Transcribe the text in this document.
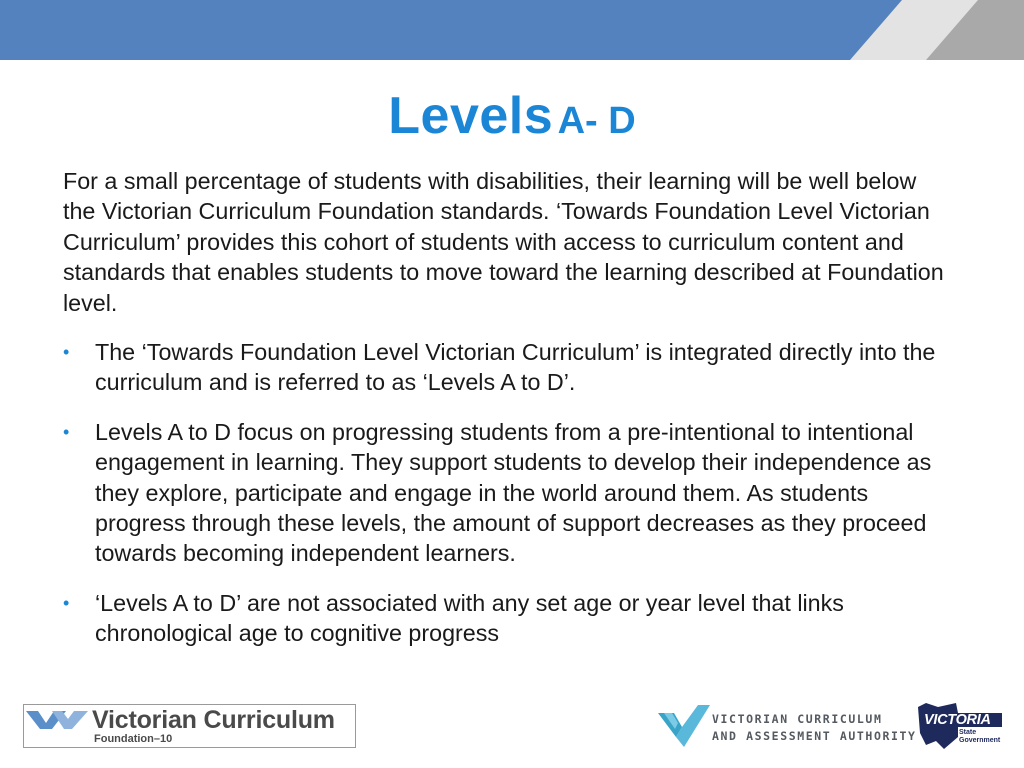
Levels A- D

For a small percentage of students with disabilities, their learning will be well below the Victorian Curriculum Foundation standards. ‘Towards Foundation Level Victorian Curriculum’ provides this cohort of students with access to curriculum content and standards that enables students to move toward the learning described at Foundation level.

• The ‘Towards Foundation Level Victorian Curriculum’ is integrated directly into the curriculum and is referred to as ‘Levels A to D’.
• Levels A to D focus on progressing students from a pre-intentional to intentional engagement in learning. They support students to develop their independence as they explore, participate and engage in the world around them. As students progress through these levels, the amount of support decreases as they proceed towards becoming independent learners.
• ‘Levels A to D’ are not associated with any set age or year level that links chronological age to cognitive progress
Victorian Curriculum
Foundation–10
VICTORIAN CURRICULUM
AND ASSESSMENT AUTHORITY
VICTORIA
State
Government
